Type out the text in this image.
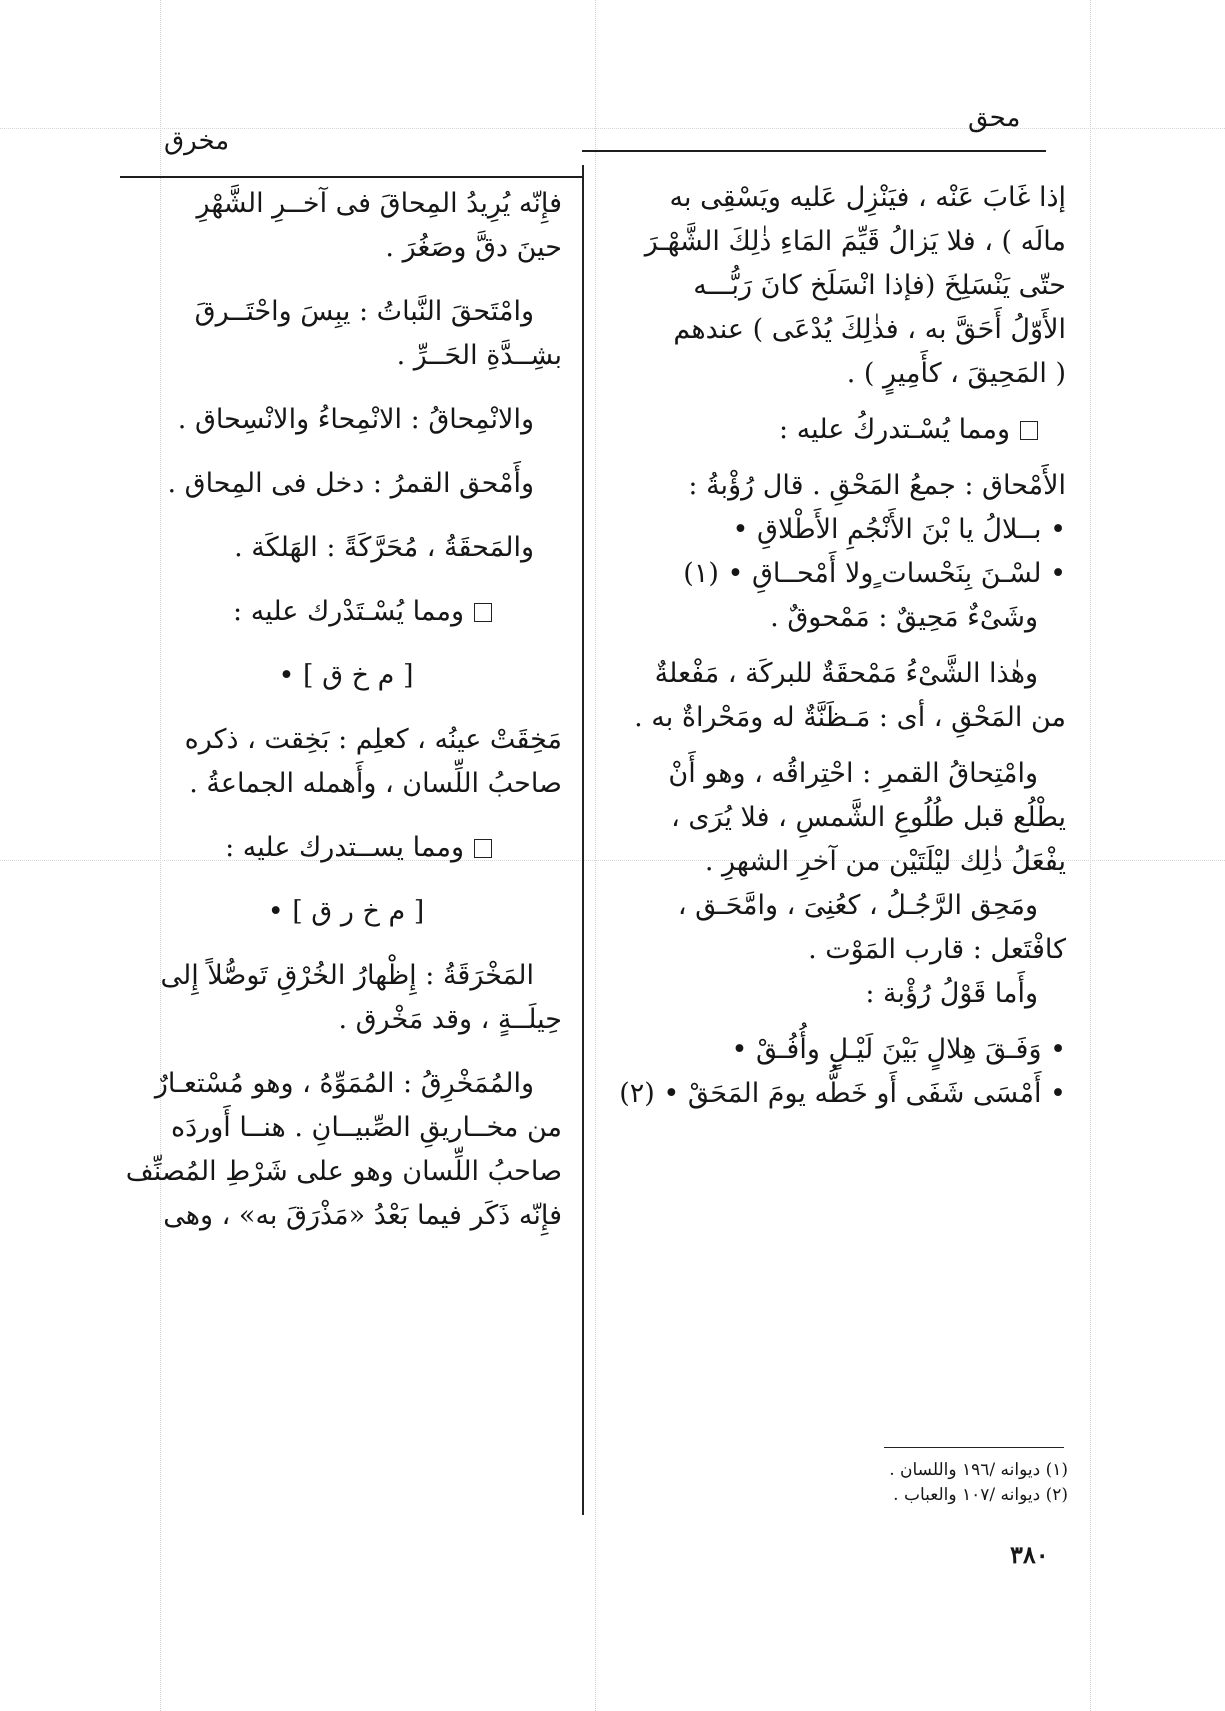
محق
مخرق
إذا غَابَ عَنْه ، فيَنْزِل عَليه ويَسْقِى به
مالَه ) ، فلا يَزالُ قَيِّمَ المَاءِ ذٰلِكَ الشَّهْـرَ
حتّى يَنْسَلِخَ (فإذا انْسَلَخ كانَ رَبُّـــه
الأَوّلُ أَحَقَّ به ، فذٰلِكَ يُدْعَى ) عندهم
( المَحِيقَ ، كأَمِيرٍ ) .
ومما يُسْـتدركُ عليه :
الأَمْحاق : جمعُ المَحْقِ . قال رُؤْبةُ :
• بــلالُ يا بْنَ الأَنْجُمِ الأَطْلاقِ •
• لسْـنَ بِنَحْسات ٍولا أَمْحــاقِ • (١)
وشَىْءٌ مَحِيقٌ : مَمْحوقٌ .
وهٰذا الشَّىْءُ مَمْحقَةٌ للبركَة ، مَفْعلةٌ
من المَحْقِ ، أى : مَـظَنَّةٌ له ومَحْراةٌ به .
وامْتِحاقُ القمرِ : احْتِراقُه ، وهو أَنْ
يطْلُع قبل طُلُوعِ الشَّمسِ ، فلا يُرَى ،
يفْعَلُ ذٰلِك ليْلَتَيْن من آخرِ الشهرِ .
ومَحِق الرَّجُـلُ ، كعُنِىَ ، وامَّحَـق ،
كافْتَعل : قارب المَوْت .
وأَما قَوْلُ رُؤْبة :
• وَفَـقَ هِلالٍ بَيْنَ لَيْـلٍ وأُفُـقْ •
• أَمْسَى شَفَى أَو خَطُّه يومَ المَحَقْ • (٢)
فإِنّه يُرِيدُ المِحاقَ فى آخــرِ الشَّهْرِ
حينَ دقَّ وصَغُرَ .
وامْتَحقَ النَّباتُ : يبِسَ واحْتَــرقَ
بشِــدَّةِ الحَــرِّ .
والانْمِحاقُ : الانْمِحاءُ والانْسِحاق .
وأَمْحق القمرُ : دخل فى المِحاق .
والمَحقَةُ ، مُحَرَّكَةً : الهَلكَة .
ومما يُسْـتَدْرك عليه :
[ م خ ق ] •
مَخِقَتْ عينُه ، كعلِم : بَخِقت ، ذكره
صاحبُ اللِّسان ، وأَهمله الجماعةُ .
ومما يســتدرك عليه :
[ م خ ر ق ] •
المَخْرَقَةُ : إِظْهارُ الخُرْقِ تَوصُّلاً إِلى
حِيلَــةٍ ، وقد مَخْرق .
والمُمَخْرِقُ : المُمَوِّهُ ، وهو مُسْتعـارٌ
من مخــاريقِ الصِّبيــانِ . هنــا أَوردَه
صاحبُ اللِّسان وهو على شَرْطِ المُصنِّف
فإِنّه ذَكَر فيما بَعْدُ «مَذْرَقَ به» ، وهى
(١) ديوانه /١٩٦ واللسان .
(٢) ديوانه /١٠٧ والعباب .
٣٨٠
